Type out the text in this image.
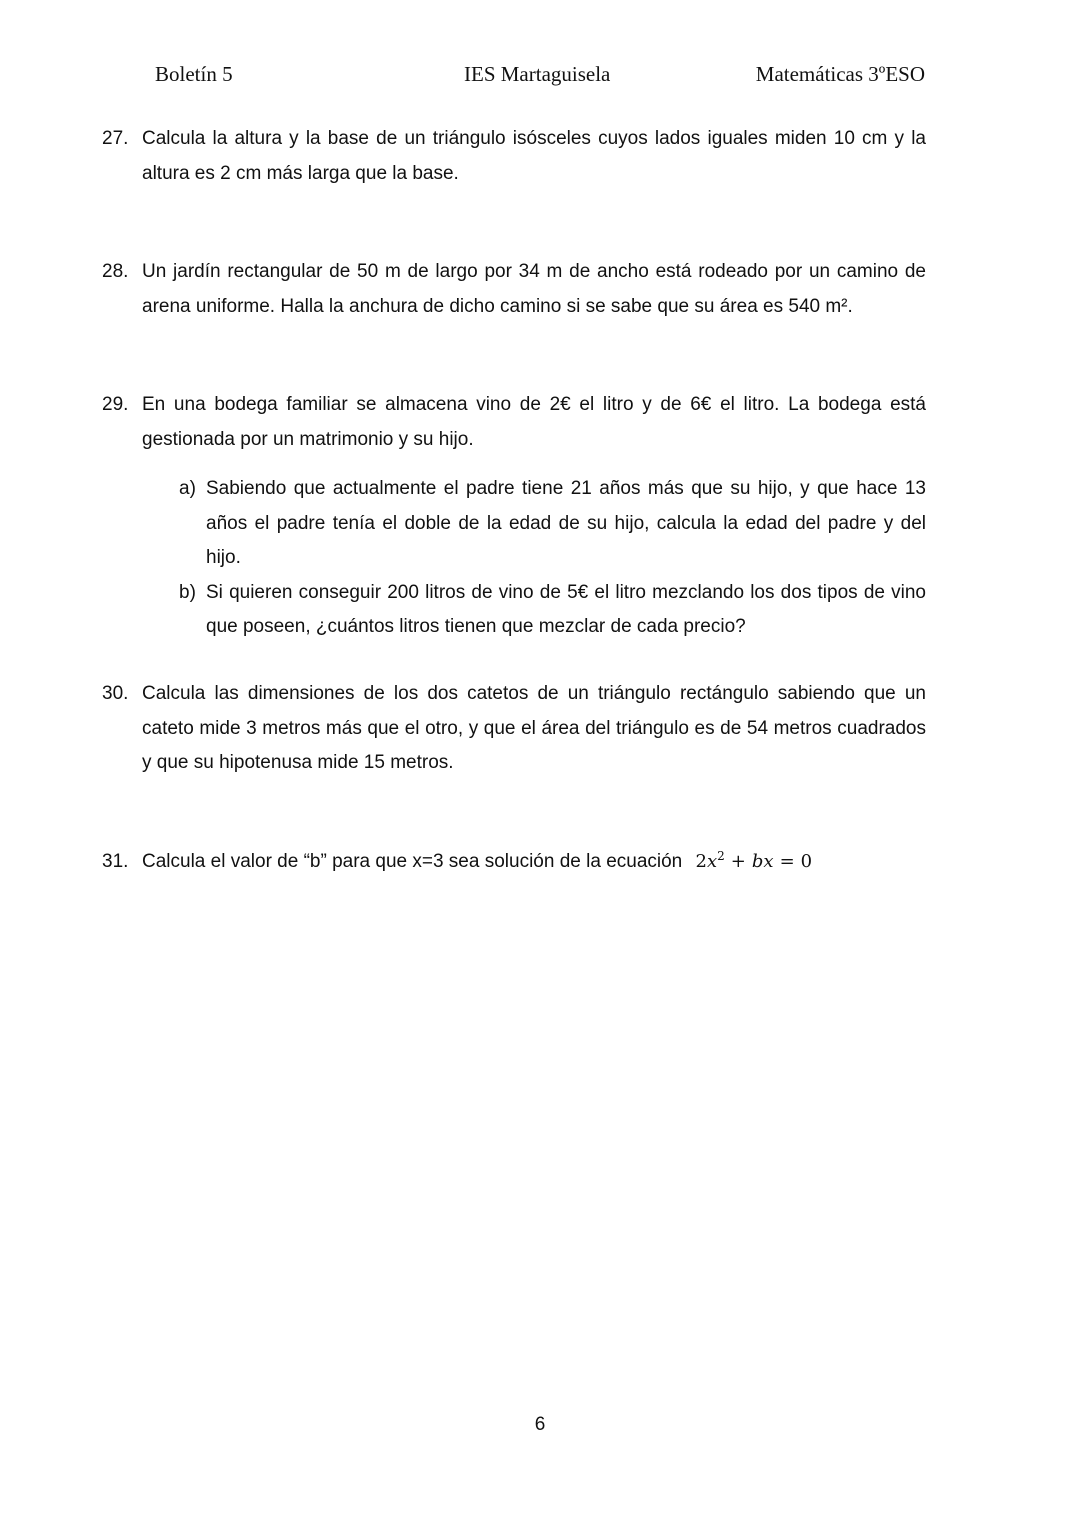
Boletín 5	IES Martaguisela	Matemáticas 3ºESO
27. Calcula la altura y la base de un triángulo isósceles cuyos lados iguales miden 10 cm y la altura es 2 cm más larga que la base.
28. Un jardín rectangular de 50 m de largo por 34 m de ancho está rodeado por un camino de arena uniforme. Halla la anchura de dicho camino si se sabe que su área es 540 m².
29. En una bodega familiar se almacena vino de 2€ el litro y de 6€ el litro. La bodega está gestionada por un matrimonio y su hijo.
a) Sabiendo que actualmente el padre tiene 21 años más que su hijo, y que hace 13 años el padre tenía el doble de la edad de su hijo, calcula la edad del padre y del hijo.
b) Si quieren conseguir 200 litros de vino de 5€ el litro mezclando los dos tipos de vino que poseen, ¿cuántos litros tienen que mezclar de cada precio?
30. Calcula las dimensiones de los dos catetos de un triángulo rectángulo sabiendo que un cateto mide 3 metros más que el otro, y que el área del triángulo es de 54 metros cuadrados y que su hipotenusa mide 15 metros.
31. Calcula el valor de “b” para que x=3 sea solución de la ecuación $2x^2$ + bx = 0
6
